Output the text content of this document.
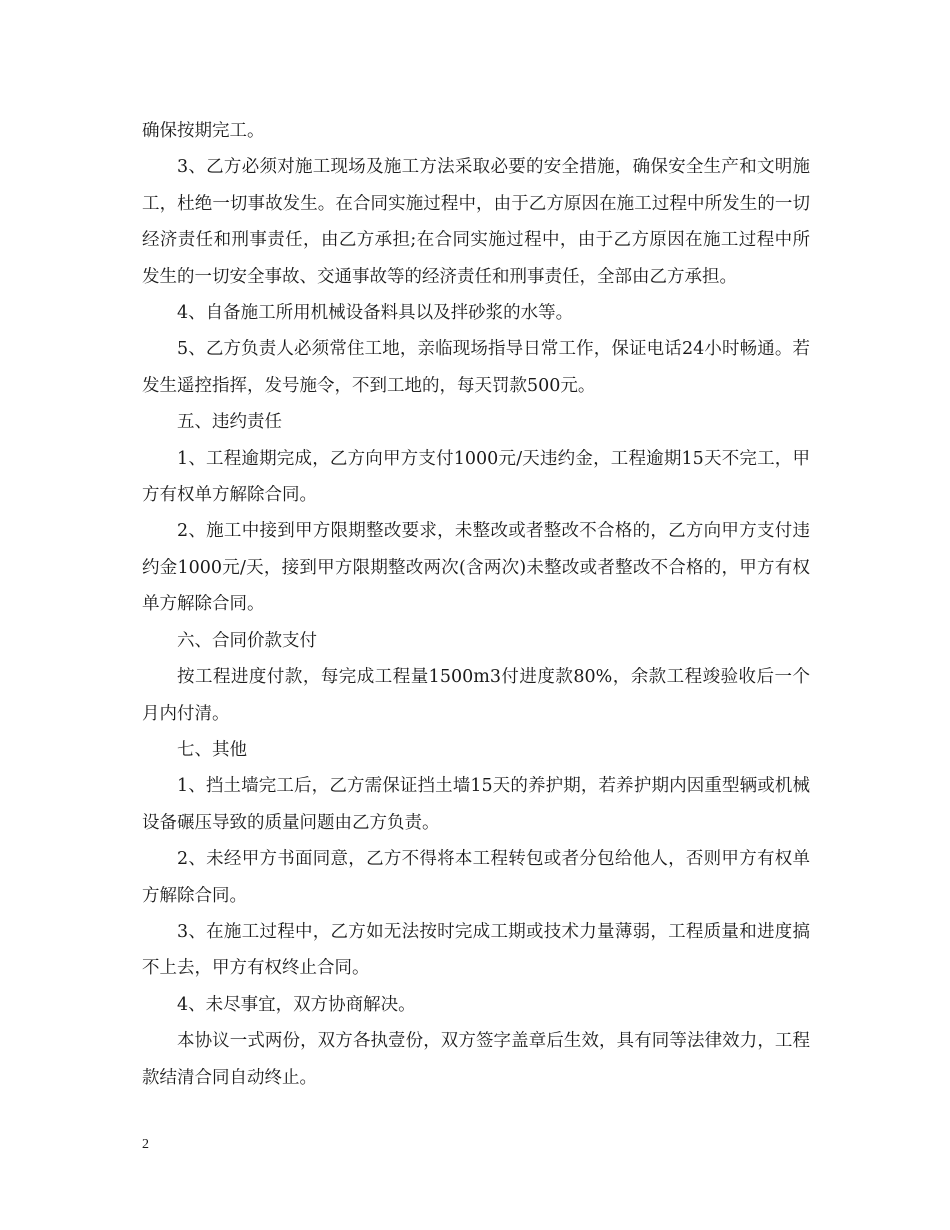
确保按期完工。

3、乙方必须对施工现场及施工方法采取必要的安全措施，确保安全生产和文明施工，杜绝一切事故发生。在合同实施过程中，由于乙方原因在施工过程中所发生的一切经济责任和刑事责任，由乙方承担;在合同实施过程中，由于乙方原因在施工过程中所发生的一切安全事故、交通事故等的经济责任和刑事责任，全部由乙方承担。

4、自备施工所用机械设备料具以及拌砂浆的水等。

5、乙方负责人必须常住工地，亲临现场指导日常工作，保证电话24小时畅通。若发生遥控指挥，发号施令，不到工地的，每天罚款500元。

五、违约责任

1、工程逾期完成，乙方向甲方支付1000元/天违约金，工程逾期15天不完工，甲方有权单方解除合同。

2、施工中接到甲方限期整改要求，未整改或者整改不合格的，乙方向甲方支付违约金1000元/天，接到甲方限期整改两次(含两次)未整改或者整改不合格的，甲方有权单方解除合同。

六、合同价款支付

按工程进度付款，每完成工程量1500m3付进度款80%，余款工程竣验收后一个月内付清。

七、其他

1、挡土墙完工后，乙方需保证挡土墙15天的养护期，若养护期内因重型辆或机械设备碾压导致的质量问题由乙方负责。

2、未经甲方书面同意，乙方不得将本工程转包或者分包给他人，否则甲方有权单方解除合同。

3、在施工过程中，乙方如无法按时完成工期或技术力量薄弱，工程质量和进度搞不上去，甲方有权终止合同。

4、未尽事宜，双方协商解决。

本协议一式两份，双方各执壹份，双方签字盖章后生效，具有同等法律效力，工程款结清合同自动终止。

2
